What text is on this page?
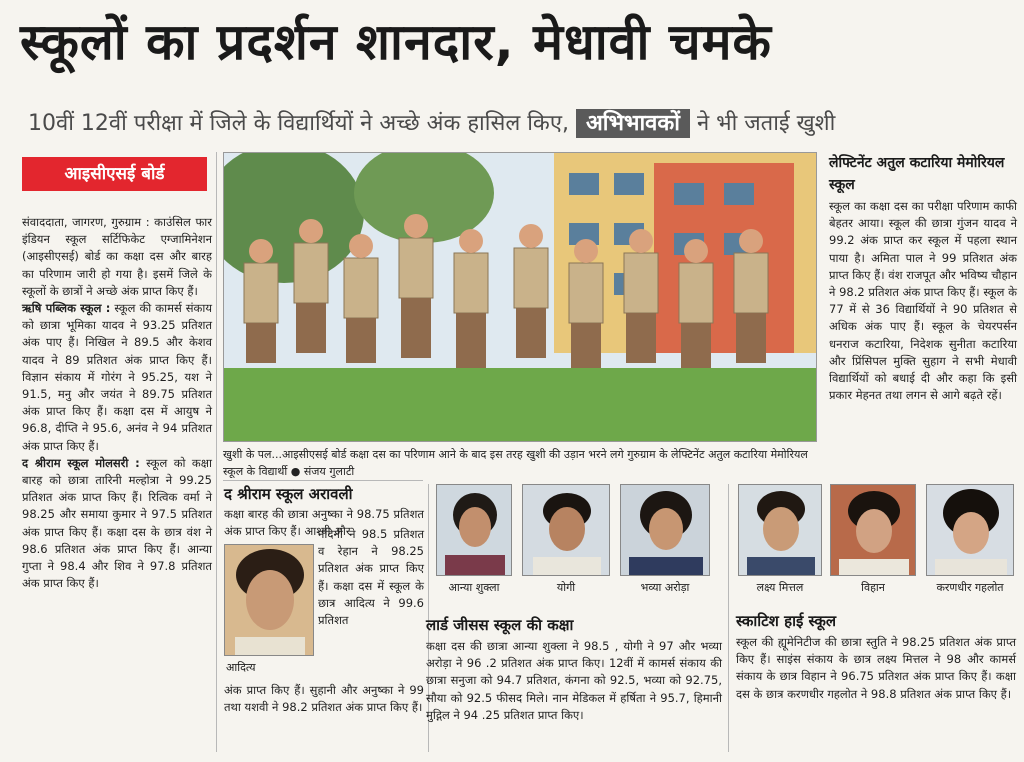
स्कूलों का प्रदर्शन शानदार, मेधावी चमके
10वीं 12वीं परीक्षा में जिले के विद्यार्थियों ने अच्छे अंक हासिल किए, अभिभावकों ने भी जताई खुशी
आइसीएसई बोर्ड
संवाददाता, जागरण, गुरुग्राम : काउंसिल फार इंडियन स्कूल सर्टिफिकेट एग्जामिनेशन (आइसीएसई) बोर्ड का कक्षा दस और बारह का परिणाम जारी हो गया है। इसमें जिले के स्कूलों के छात्रों ने अच्छे अंक प्राप्त किए हैं।
ऋषि पब्लिक स्कूल : स्कूल की कामर्स संकाय को छात्रा भूमिका यादव ने 93.25 प्रतिशत अंक पाए हैं। निखिल ने 89.5 और केशव यादव ने 89 प्रतिशत अंक प्राप्त किए हैं। विज्ञान संकाय में गोरंग ने 95.25, यश ने 91.5, मनु और जयंत ने 89.75 प्रतिशत अंक प्राप्त किए हैं। कक्षा दस में आयुष ने 96.8, दीप्ति ने 95.6, अनंव ने 94 प्रतिशत अंक प्राप्त किए हैं।
द श्रीराम स्कूल मोलसरी : स्कूल को कक्षा बारह को छात्रा तारिनी मल्होत्रा ने 99.25 प्रतिशत अंक प्राप्त किए हैं। रित्विक वर्मा ने 98.25 और समाया कुमार ने 97.5 प्रतिशत अंक प्राप्त किए हैं। कक्षा दस के छात्र वंश ने 98.6 प्रतिशत अंक प्राप्त किए हैं। आन्या गुप्ता ने 98.4 और शिव ने 97.8 प्रतिशत अंक प्राप्त किए हैं।
खुशी के पल...आइसीएसई बोर्ड कक्षा दस का परिणाम आने के बाद इस तरह खुशी की उड़ान भरने लगे गुरुग्राम के लेफ्टिनेंट अतुल कटारिया मेमोरियल स्कूल के विद्यार्थी ● संजय गुलाटी
लेफ्टिनेंट अतुल कटारिया मेमोरियल स्कूल
स्कूल का कक्षा दस का परीक्षा परिणाम काफी बेहतर आया। स्कूल की छात्रा गुंजन यादव ने 99.2 अंक प्राप्त कर स्कूल में पहला स्थान पाया है। अमिता पाल ने 99 प्रतिशत अंक प्राप्त किए हैं। वंश राजपूत और भविष्य चौहान ने 98.2 प्रतिशत अंक प्राप्त किए हैं। स्कूल के 77 में से 36 विद्यार्थियों ने 90 प्रतिशत से अधिक अंक पाए हैं। स्कूल के चेयरपर्सन धनराज कटारिया, निदेशक सुनीता कटारिया और प्रिंसिपल मुक्ति सुहाग ने सभी मेधावी विद्यार्थियों को बधाई दी और कहा कि इसी प्रकार मेहनत तथा लगन से आगे बढ़ते रहें।
द श्रीराम स्कूल अरावली
कक्षा बारह की छात्रा अनुष्का ने 98.75 प्रतिशत अंक प्राप्त किए हैं। आश्वी और
आदित्य
नंदिनी ने 98.5 प्रतिशत व रेहान ने 98.25 प्रतिशत अंक प्राप्त किए हैं। कक्षा दस में स्कूल के छात्र आदित्य ने 99.6 प्रतिशत
अंक प्राप्त किए हैं। सुहानी और अनुष्का ने 99 तथा यशवी ने 98.2 प्रतिशत अंक प्राप्त किए हैं।
आन्या शुक्ला	योगी	भव्या अरोड़ा
लार्ड जीसस स्कूल की कक्षा
कक्षा दस की छात्रा आन्या शुक्ला ने 98.5 , योगी ने 97 और भव्या अरोड़ा ने 96 .2 प्रतिशत अंक प्राप्त किए। 12वीं में कामर्स संकाय की छात्रा सनुजा को 94.7 प्रतिशत, कंगना को 92.5, भव्या को 92.75, सौया को 92.5 फीसद मिले। नान मेडिकल में हर्षिता ने 95.7, हिमानी मुद्गिल ने 94 .25 प्रतिशत प्राप्त किए।
लक्ष्य मित्तल	विहान	करणधीर गहलोत
स्काटिश हाई स्कूल
स्कूल की ह्यूमेनिटीज की छात्रा स्तुति ने 98.25 प्रतिशत अंक प्राप्त किए हैं। साइंस संकाय के छात्र लक्ष्य मित्तल ने 98 और कामर्स संकाय के छात्र विहान ने 96.75 प्रतिशत अंक प्राप्त किए हैं। कक्षा दस के छात्र करणधीर गहलोत ने 98.8 प्रतिशत अंक प्राप्त किए हैं।
